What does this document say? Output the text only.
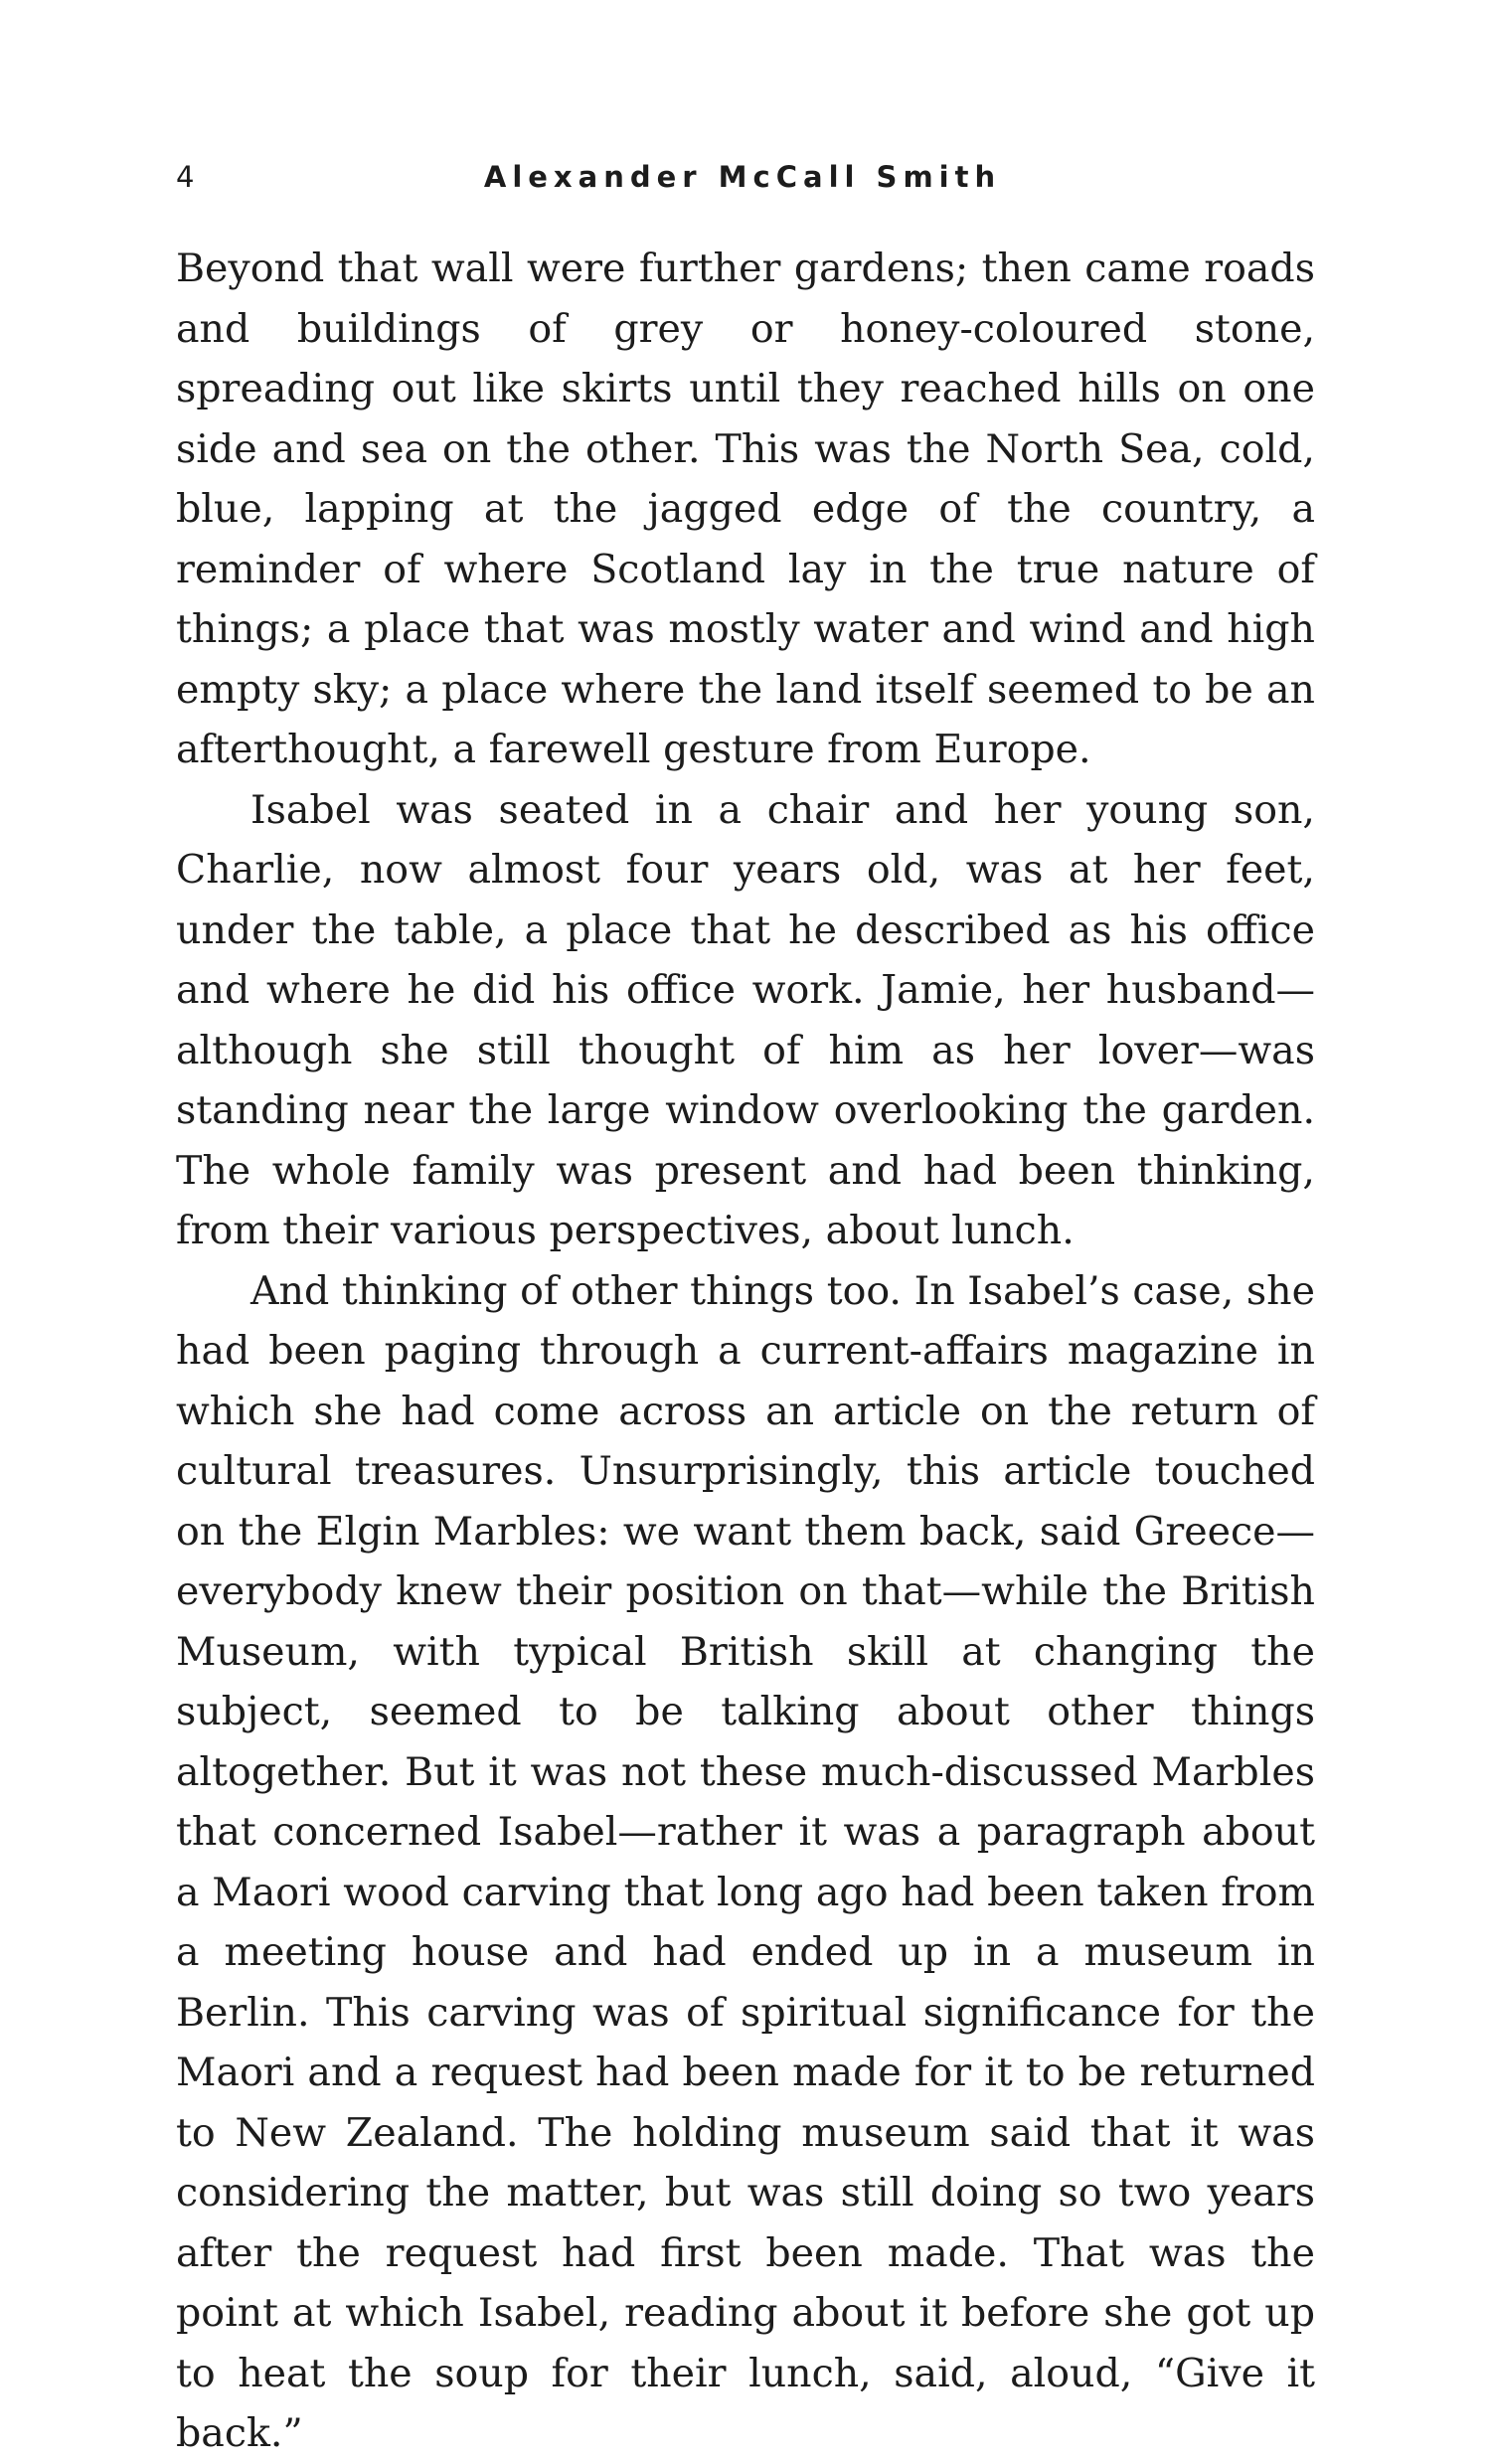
4	Alexander McCall Smith

Beyond that wall were further gardens; then came roads and buildings of grey or honey-coloured stone, spreading out like skirts until they reached hills on one side and sea on the other. This was the North Sea, cold, blue, lapping at the jagged edge of the country, a reminder of where Scotland lay in the true nature of things; a place that was mostly water and wind and high empty sky; a place where the land itself seemed to be an afterthought, a farewell gesture from Europe.

Isabel was seated in a chair and her young son, Charlie, now almost four years old, was at her feet, under the table, a place that he described as his office and where he did his office work. Jamie, her husband—although she still thought of him as her lover—was standing near the large window overlooking the garden. The whole family was present and had been thinking, from their various perspectives, about lunch.

And thinking of other things too. In Isabel’s case, she had been paging through a current-affairs magazine in which she had come across an article on the return of cultural treasures. Unsurprisingly, this article touched on the Elgin Marbles: we want them back, said Greece—everybody knew their position on that—while the British Museum, with typical British skill at changing the subject, seemed to be talking about other things altogether. But it was not these much-discussed Marbles that concerned Isabel—rather it was a paragraph about a Maori wood carving that long ago had been taken from a meeting house and had ended up in a museum in Berlin. This carving was of spiritual significance for the Maori and a request had been made for it to be returned to New Zealand. The holding museum said that it was considering the matter, but was still doing so two years after the request had first been made. That was the point at which Isabel, reading about it before she got up to heat the soup for their lunch, said, aloud, “Give it back.”
